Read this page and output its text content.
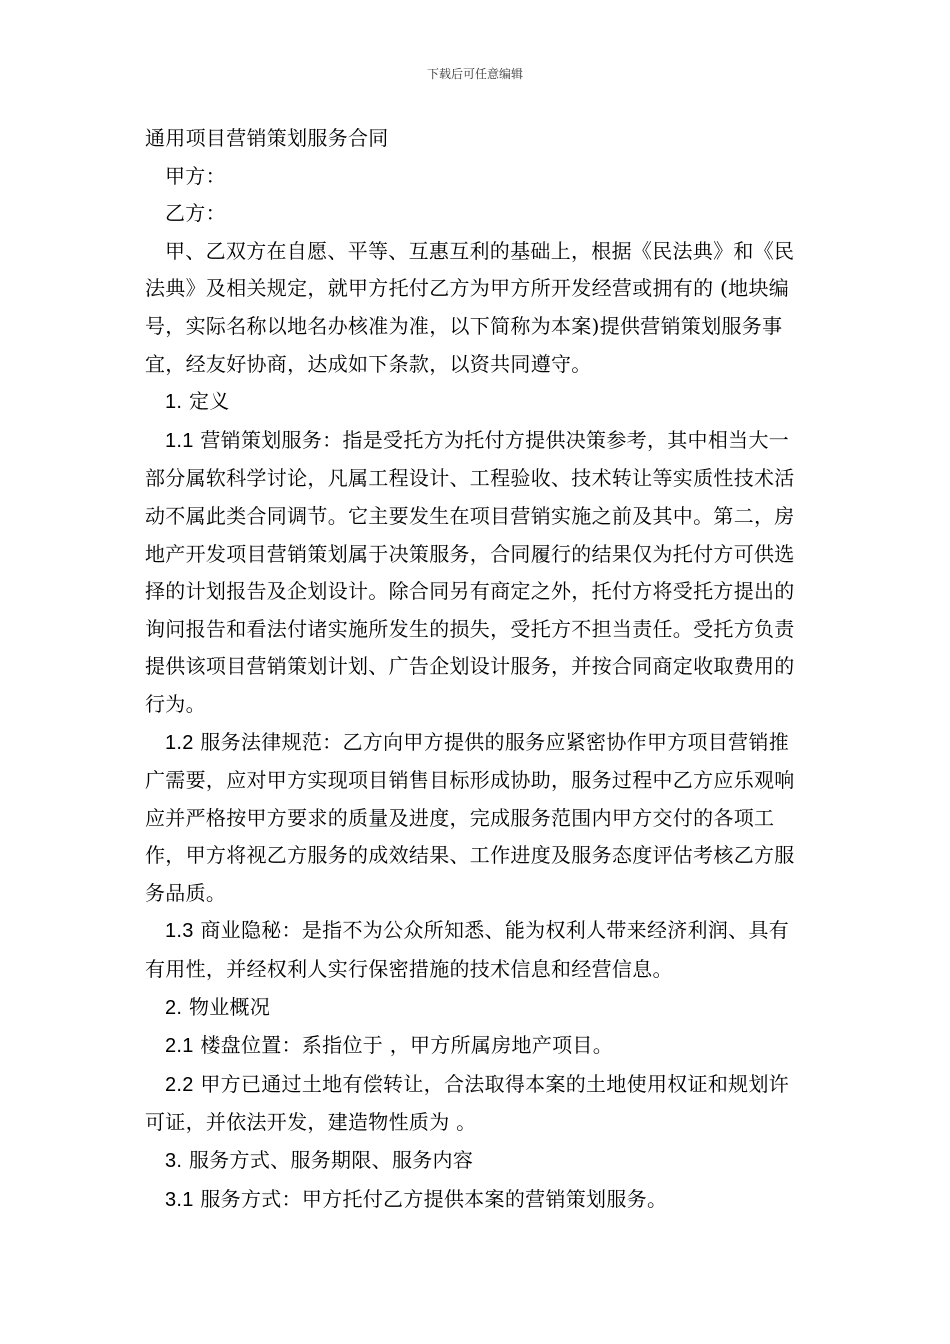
下载后可任意编辑

通用项目营销策划服务合同

甲方：

乙方：

甲、乙双方在自愿、平等、互惠互利的基础上，根据《民法典》和《民法典》及相关规定，就甲方托付乙方为甲方所开发经营或拥有的 (地块编号，实际名称以地名办核准为准，以下简称为本案)提供营销策划服务事宜，经友好协商，达成如下条款，以资共同遵守。

1. 定义

1.1 营销策划服务：指是受托方为托付方提供决策参考，其中相当大一部分属软科学讨论，凡属工程设计、工程验收、技术转让等实质性技术活动不属此类合同调节。它主要发生在项目营销实施之前及其中。第二，房地产开发项目营销策划属于决策服务，合同履行的结果仅为托付方可供选择的计划报告及企划设计。除合同另有商定之外，托付方将受托方提出的询问报告和看法付诸实施所发生的损失，受托方不担当责任。受托方负责提供该项目营销策划计划、广告企划设计服务，并按合同商定收取费用的行为。

1.2 服务法律规范：乙方向甲方提供的服务应紧密协作甲方项目营销推广需要，应对甲方实现项目销售目标形成协助，服务过程中乙方应乐观响应并严格按甲方要求的质量及进度，完成服务范围内甲方交付的各项工作，甲方将视乙方服务的成效结果、工作进度及服务态度评估考核乙方服务品质。

1.3 商业隐秘：是指不为公众所知悉、能为权利人带来经济利润、具有有用性，并经权利人实行保密措施的技术信息和经营信息。

2. 物业概况

2.1 楼盘位置：系指位于 ，甲方所属房地产项目。

2.2 甲方已通过土地有偿转让，合法取得本案的土地使用权证和规划许可证，并依法开发，建造物性质为 。

3. 服务方式、服务期限、服务内容

3.1 服务方式：甲方托付乙方提供本案的营销策划服务。
